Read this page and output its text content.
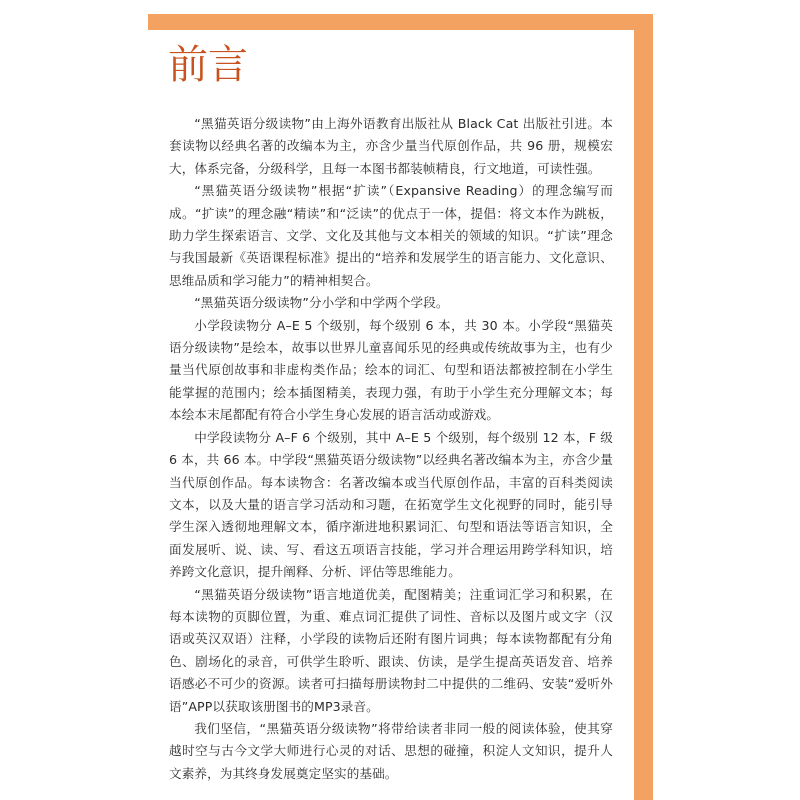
前言

“黑猫英语分级读物”由上海外语教育出版社从 Black Cat 出版社引进。本套读物以经典名著的改编本为主，亦含少量当代原创作品，共 96 册，规模宏大，体系完备，分级科学，且每一本图书都装帧精良，行文地道，可读性强。

“黑猫英语分级读物”根据“扩读”（Expansive Reading）的理念编写而成。“扩读”的理念融“精读”和“泛读”的优点于一体，提倡：将文本作为跳板，助力学生探索语言、文学、文化及其他与文本相关的领域的知识。“扩读”理念与我国最新《英语课程标准》提出的“培养和发展学生的语言能力、文化意识、思维品质和学习能力”的精神相契合。

“黑猫英语分级读物”分小学和中学两个学段。

小学段读物分 A–E 5 个级别，每个级别 6 本，共 30 本。小学段“黑猫英语分级读物”是绘本，故事以世界儿童喜闻乐见的经典或传统故事为主，也有少量当代原创故事和非虚构类作品；绘本的词汇、句型和语法都被控制在小学生能掌握的范围内；绘本插图精美，表现力强，有助于小学生充分理解文本；每本绘本末尾都配有符合小学生身心发展的语言活动或游戏。

中学段读物分 A–F 6 个级别，其中 A–E 5 个级别，每个级别 12 本，F 级 6 本，共 66 本。中学段“黑猫英语分级读物”以经典名著改编本为主，亦含少量当代原创作品。每本读物含：名著改编本或当代原创作品，丰富的百科类阅读文本，以及大量的语言学习活动和习题，在拓宽学生文化视野的同时，能引导学生深入透彻地理解文本，循序渐进地积累词汇、句型和语法等语言知识，全面发展听、说、读、写、看这五项语言技能，学习并合理运用跨学科知识，培养跨文化意识，提升阐释、分析、评估等思维能力。

“黑猫英语分级读物”语言地道优美，配图精美；注重词汇学习和积累，在每本读物的页脚位置，为重、难点词汇提供了词性、音标以及图片或文字（汉语或英汉双语）注释，小学段的读物后还附有图片词典；每本读物都配有分角色、剧场化的录音，可供学生聆听、跟读、仿读，是学生提高英语发音、培养语感必不可少的资源。读者可扫描每册读物封二中提供的二维码、安装“爱听外语”APP以获取该册图书的MP3录音。

我们坚信，“黑猫英语分级读物”将带给读者非同一般的阅读体验，使其穿越时空与古今文学大师进行心灵的对话、思想的碰撞，积淀人文知识，提升人文素养，为其终身发展奠定坚实的基础。
